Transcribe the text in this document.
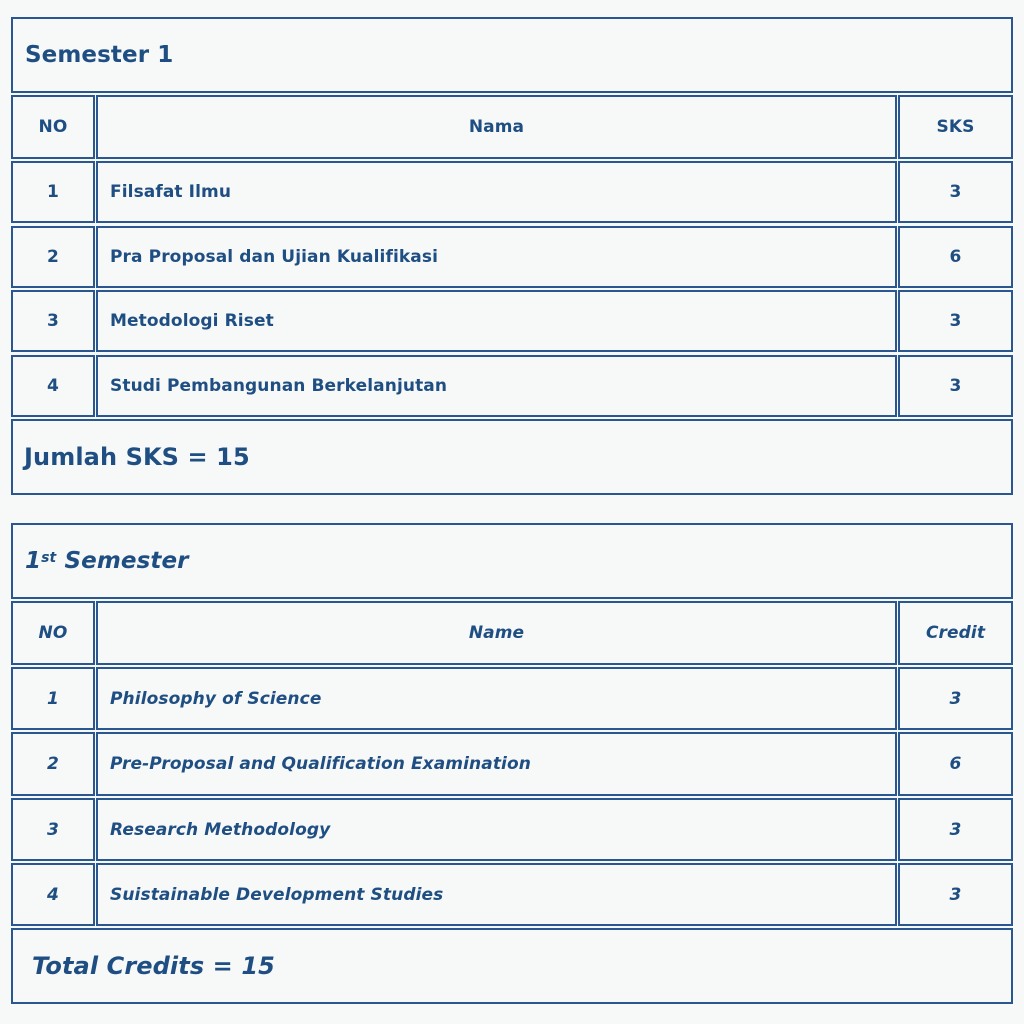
Semester 1
NO	Nama	SKS
1	Filsafat Ilmu	3
2	Pra Proposal dan Ujian Kualifikasi	6
3	Metodologi Riset	3
4	Studi Pembangunan Berkelanjutan	3
Jumlah SKS = 15
1st Semester
NO	Name	Credit
1	Philosophy of Science	3
2	Pre-Proposal and Qualification Examination	6
3	Research Methodology	3
4	Suistainable Development Studies	3
Total Credits = 15
